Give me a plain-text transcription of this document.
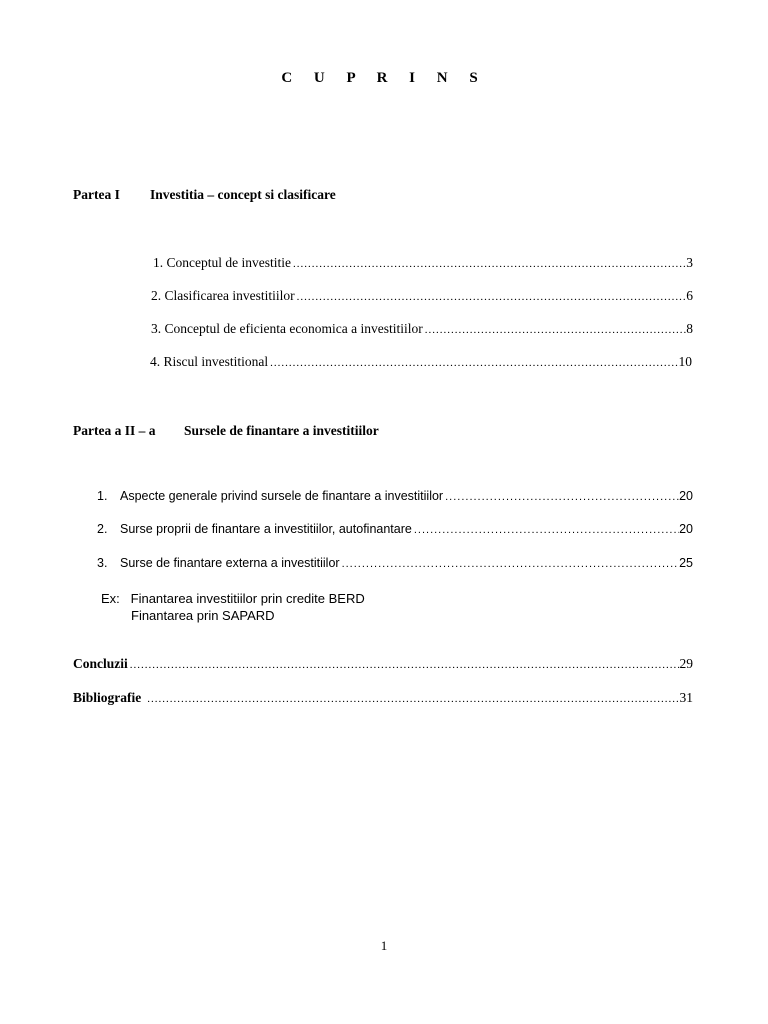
C U P R I N S
Partea I Investitia – concept si clasificare
1. Conceptul de investitie .....	3
2. Clasificarea investitiilor .....	6
3. Conceptul de eficienta economica a investitiilor .....	8
4. Riscul investitional .....	10
Partea a II – a Sursele de finantare a investitiilor
1. Aspecte generale privind sursele de finantare a investitiilor .....	20
2. Surse proprii de finantare a investitiilor, autofinantare .....	20
3. Surse de finantare externa a investitiilor .....	25
Ex: Finantarea investitiilor prin credite BERD
Finantarea prin SAPARD
Concluzii .....	29
Bibliografie .....	31
1
